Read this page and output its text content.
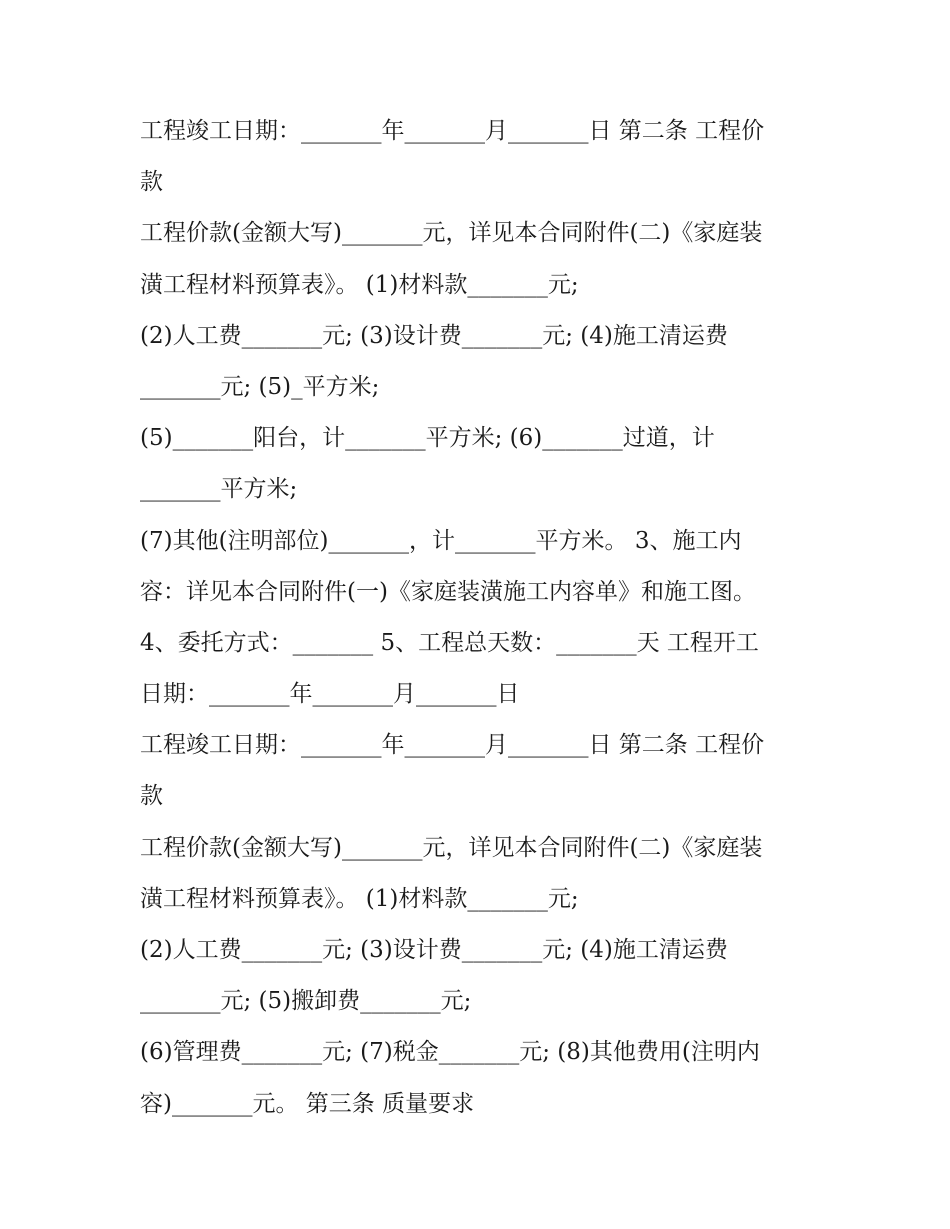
工程竣工日期：_______年_______月_______日 第二条 工程价
款
工程价款(金额大写)_______元，详见本合同附件(二)《家庭装
潢工程材料预算表》。 (1)材料款_______元;
(2)人工费_______元; (3)设计费_______元; (4)施工清运费
_______元; (5)_平方米;
(5)_______阳台，计_______平方米; (6)_______过道，计
_______平方米;
(7)其他(注明部位)_______，计_______平方米。 3、施工内
容：详见本合同附件(一)《家庭装潢施工内容单》和施工图。
4、委托方式：_______ 5、工程总天数：_______天 工程开工
日期：_______年_______月_______日
工程竣工日期：_______年_______月_______日 第二条 工程价
款
工程价款(金额大写)_______元，详见本合同附件(二)《家庭装
潢工程材料预算表》。 (1)材料款_______元;
(2)人工费_______元; (3)设计费_______元; (4)施工清运费
_______元; (5)搬卸费_______元;
(6)管理费_______元; (7)税金_______元; (8)其他费用(注明内
容)_______元。 第三条 质量要求
